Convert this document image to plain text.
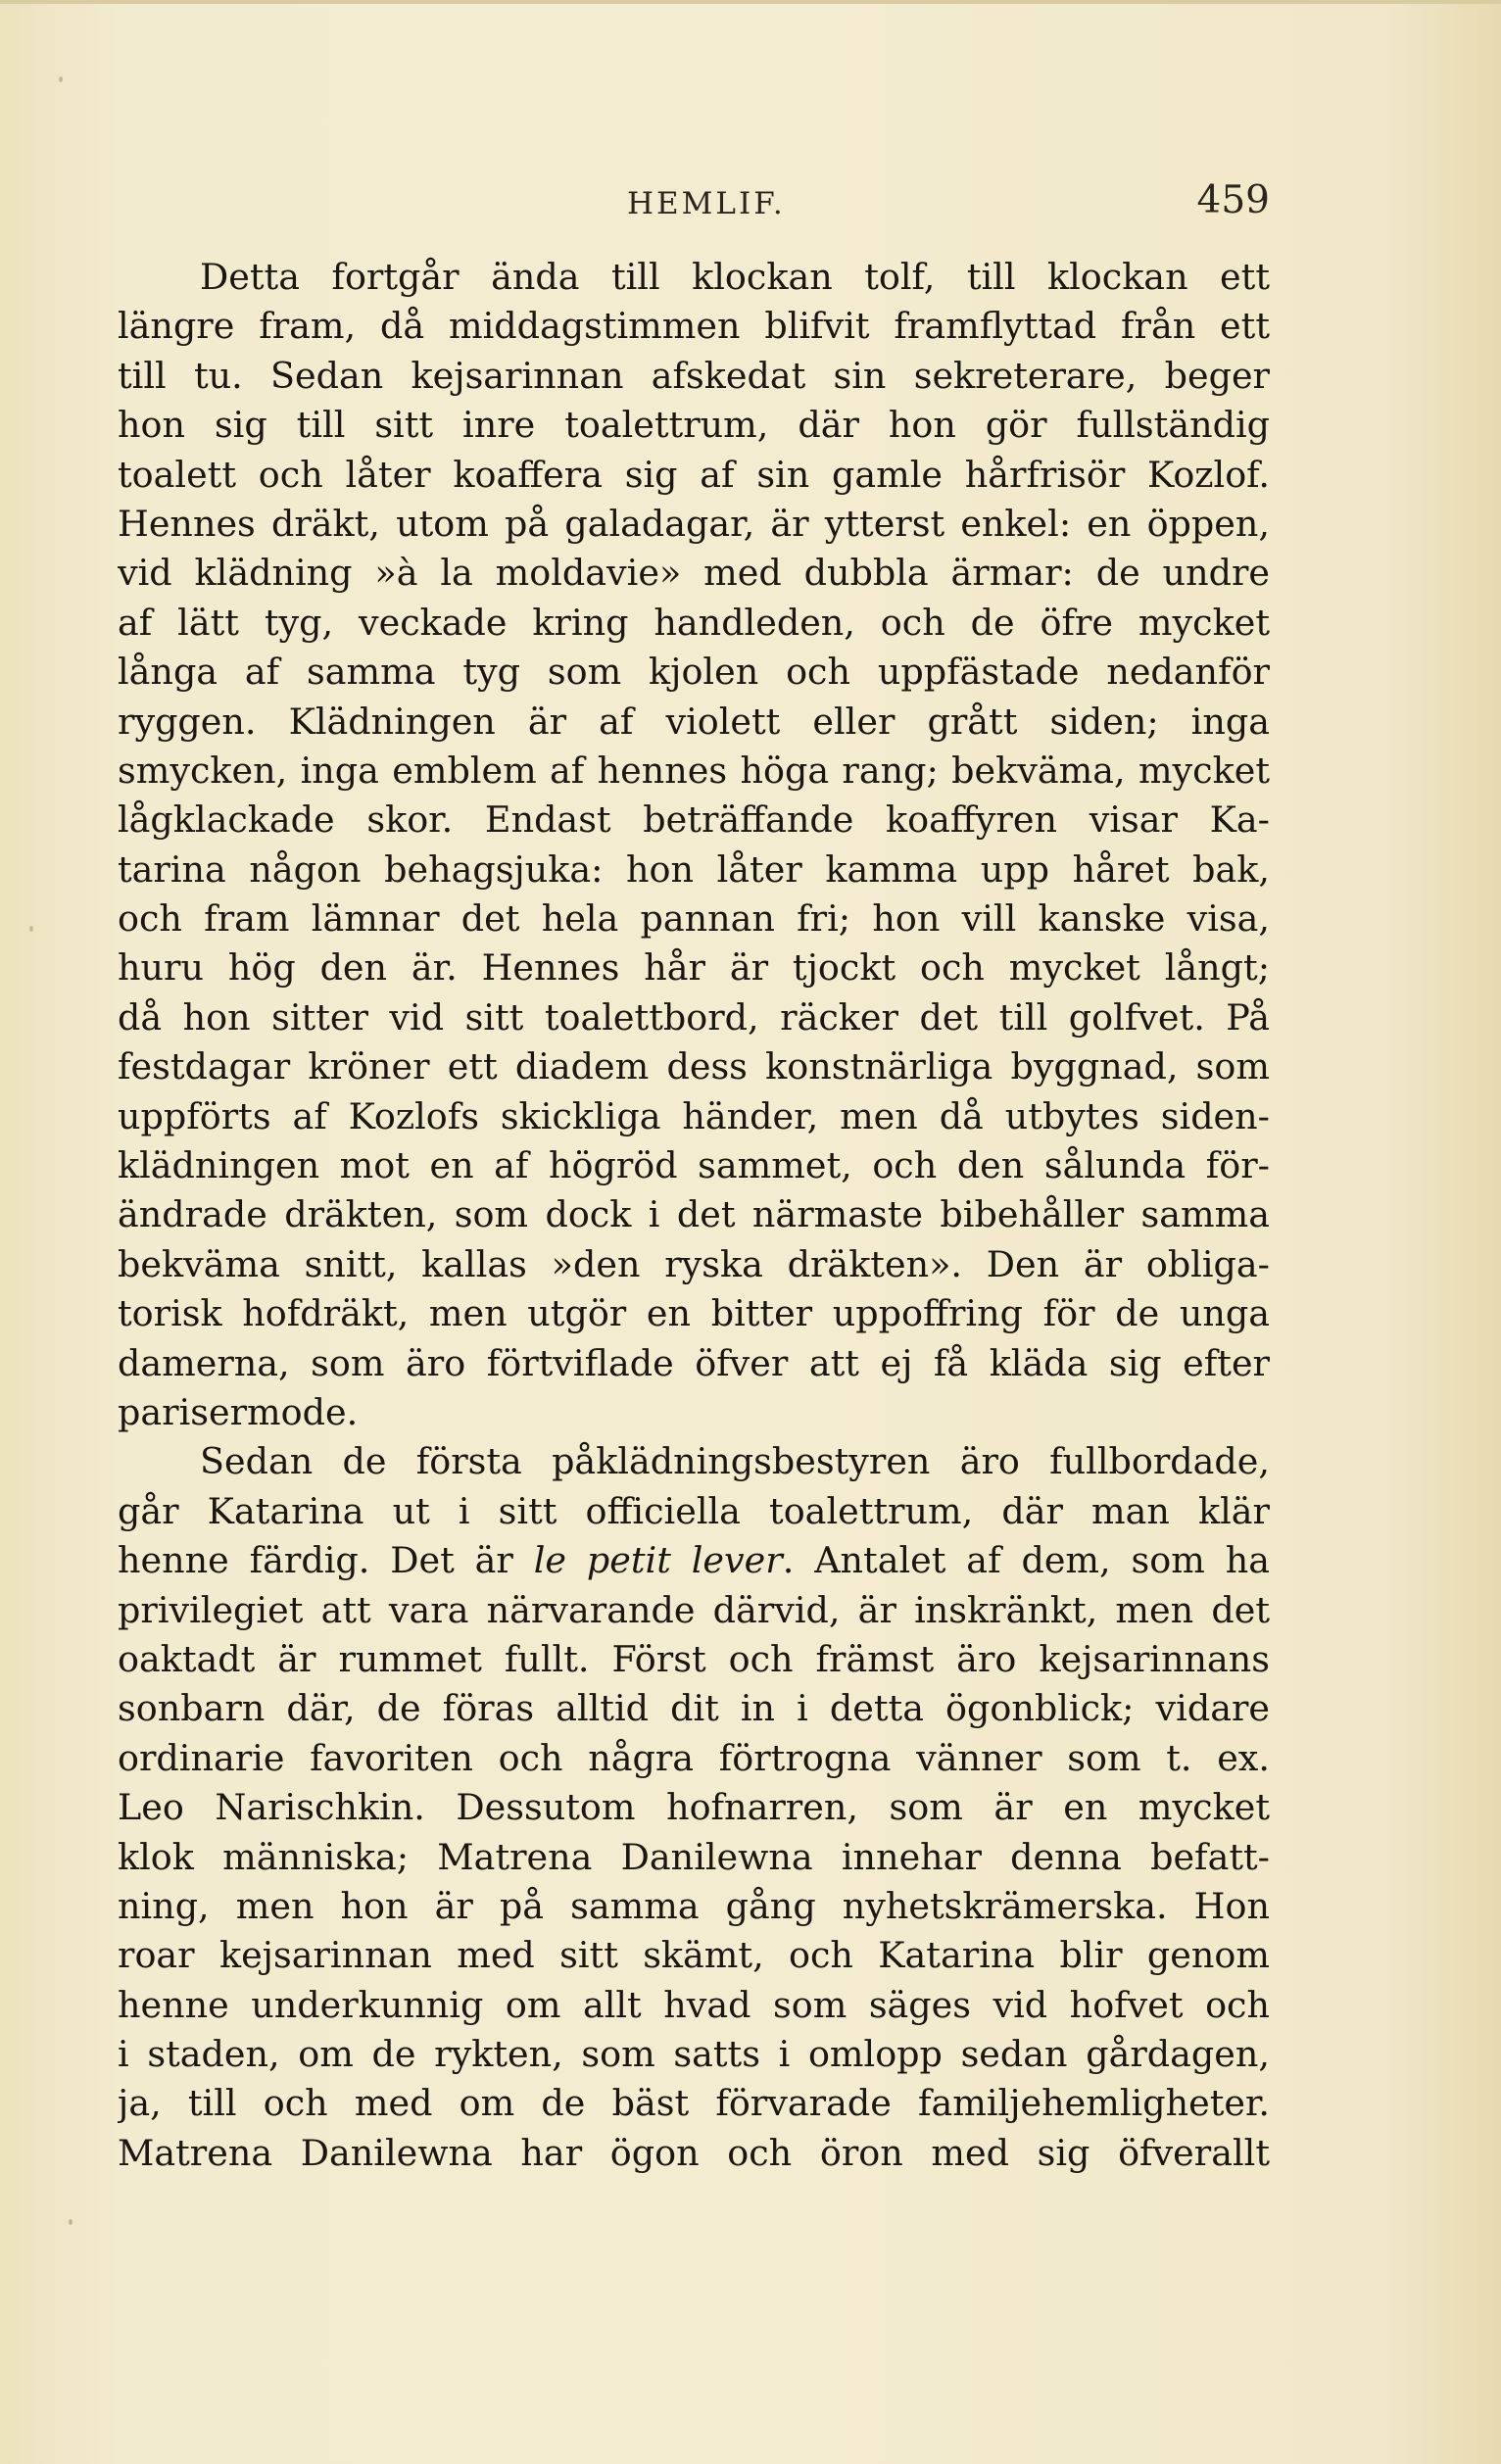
HEMLIF.	459
Detta fortgår ända till klockan tolf, till klockan ett
längre fram, då middagstimmen blifvit framflyttad från ett
till tu. Sedan kejsarinnan afskedat sin sekreterare, beger
hon sig till sitt inre toalettrum, där hon gör fullständig
toalett och låter koaffera sig af sin gamle hårfrisör Kozlof.
Hennes dräkt, utom på galadagar, är ytterst enkel: en öppen,
vid klädning »à la moldavie» med dubbla ärmar: de undre
af lätt tyg, veckade kring handleden, och de öfre mycket
långa af samma tyg som kjolen och uppfästade nedanför
ryggen. Klädningen är af violett eller grått siden; inga
smycken, inga emblem af hennes höga rang; bekväma, mycket
lågklackade skor. Endast beträffande koaffyren visar Ka-
tarina någon behagsjuka: hon låter kamma upp håret bak,
och fram lämnar det hela pannan fri; hon vill kanske visa,
huru hög den är. Hennes hår är tjockt och mycket långt;
då hon sitter vid sitt toalettbord, räcker det till golfvet. På
festdagar kröner ett diadem dess konstnärliga byggnad, som
uppförts af Kozlofs skickliga händer, men då utbytes siden-
klädningen mot en af högröd sammet, och den sålunda för-
ändrade dräkten, som dock i det närmaste bibehåller samma
bekväma snitt, kallas »den ryska dräkten». Den är obliga-
torisk hofdräkt, men utgör en bitter uppoffring för de unga
damerna, som äro förtviflade öfver att ej få kläda sig efter
parisermode.
Sedan de första påklädningsbestyren äro fullbordade,
går Katarina ut i sitt officiella toalettrum, där man klär
henne färdig. Det är le petit lever. Antalet af dem, som ha
privilegiet att vara närvarande därvid, är inskränkt, men det
oaktadt är rummet fullt. Först och främst äro kejsarinnans
sonbarn där, de föras alltid dit in i detta ögonblick; vidare
ordinarie favoriten och några förtrogna vänner som t. ex.
Leo Narischkin. Dessutom hofnarren, som är en mycket
klok människa; Matrena Danilewna innehar denna befatt-
ning, men hon är på samma gång nyhetskrämerska. Hon
roar kejsarinnan med sitt skämt, och Katarina blir genom
henne underkunnig om allt hvad som säges vid hofvet och
i staden, om de rykten, som satts i omlopp sedan gårdagen,
ja, till och med om de bäst förvarade familjehemligheter.
Matrena Danilewna har ögon och öron med sig öfverallt
